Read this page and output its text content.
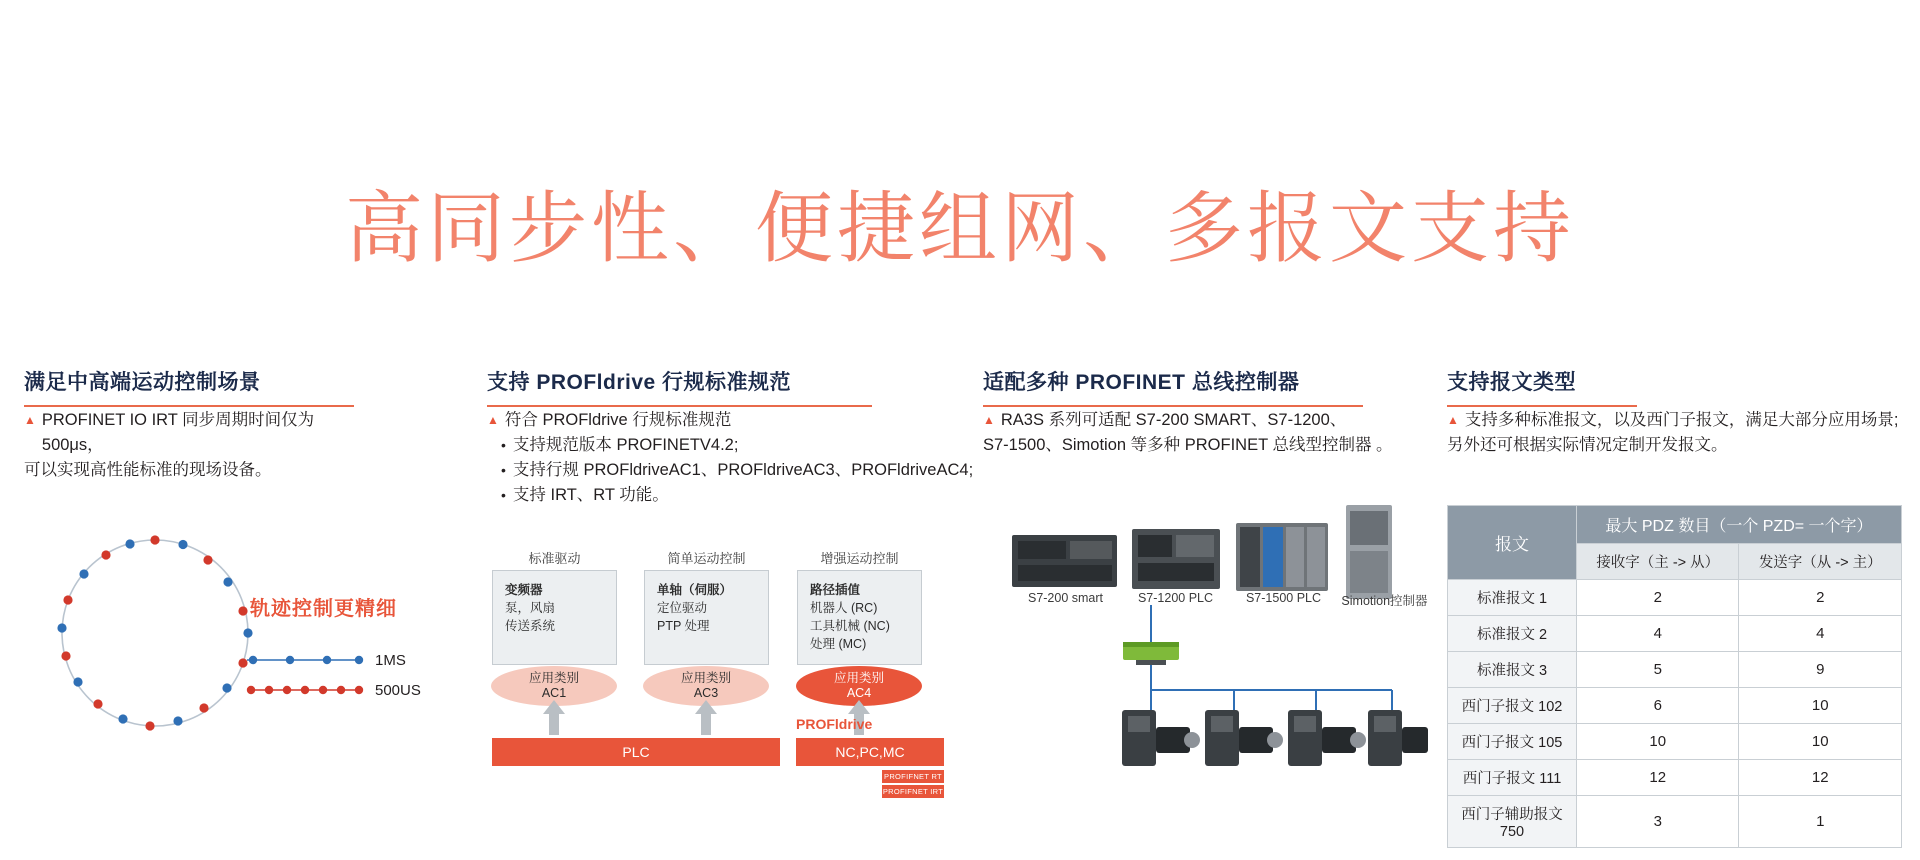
高同步性、便捷组网、多报文支持
满足中高端运动控制场景
▲ PROFINET IO IRT 同步周期时间仅为 500μs，
可以实现高性能标准的现场设备。
轨迹控制更精细
1MS
500US
支持 PROFldrive 行规标准规范
▲ 符合 PROFldrive 行规标准规范
• 支持规范版本 PROFINETV4.2;
• 支持行规 PROFldriveAC1、PROFldriveAC3、PROFldriveAC4;
• 支持 IRT、RT 功能。
标准驱动	简单运动控制	增强运动控制
变频器
泵，风扇
传送系统
应用类别
AC1
单轴（伺服）
定位驱动
PTP 处理
应用类别
AC3
路径插值
机器人 (RC)
工具机械 (NC)
处理 (MC)
应用类别
AC4
PROFldrive
PLC	NC,PC,MC
PROFIFNET RT
PROFIFNET IRT
适配多种 PROFINET 总线控制器
▲ RA3S 系列可适配 S7-200 SMART、S7-1200、
S7-1500、Simotion 等多种 PROFINET 总线型控制器 。
S7-200 smart	S7-1200 PLC	S7-1500 PLC	Simotion控制器
支持报文类型
▲ 支持多种标准报文，以及西门子报文，满足大部分应用场景;
另外还可根据实际情况定制开发报文。
报文	最大 PDZ 数目（一个 PZD= 一个字）	
	接收字（主 -> 从）	发送字（从 -> 主）
标准报文 1	2	2
标准报文 2	4	4
标准报文 3	5	9
西门子报文 102	6	10
西门子报文 105	10	10
西门子报文 111	12	12
西门子辅助报文 750	3	1
